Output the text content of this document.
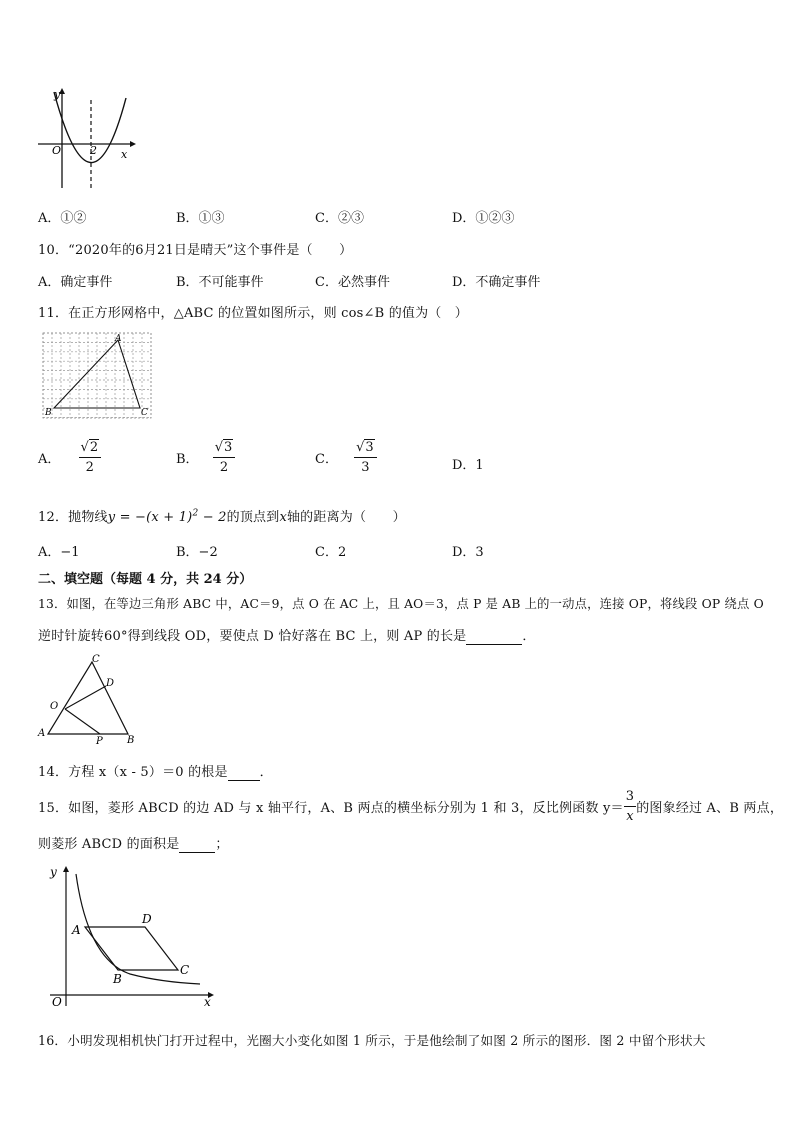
y
O	2 x
A．①②	B．①③	C．②③	D．①②③
10．“2020年的6月21日是晴天”这个事件是（　　）
A．确定事件	B．不可能事件	C．必然事件	D．不确定事件
11．在正方形网格中，△ABC 的位置如图所示，则 cos∠B 的值为（　）
A
B	C
A． $\frac{√2}{2}$	B． $\frac{√3}{2}$	C． $\frac{√3}{3}$	D．1
12．抛物线$y = -(x + 1)^2 - 2$的顶点到x轴的距离为（　　）
A．−1	B．−2	C．2	D．3
二、填空题（每题 4 分，共 24 分）
13．如图，在等边三角形 ABC 中，AC＝9，点 O 在 AC 上，且 AO＝3，点 P 是 AB 上的一动点，连接 OP，将线段 OP 绕点 O
逆时针旋转60°得到线段 OD，要使点 D 恰好落在 BC 上，则 AP 的长是	．
C
D
O
A
P B
14．方程 x（x - 5）＝0 的根是 ．
15．如图，菱形 ABCD 的边 AD 与 x 轴平行，A、B 两点的横坐标分别为 1 和 3，反比例函数 $y= \frac{3}{x}$ 的图象经过 A、B 两点，
则菱形 ABCD 的面积是	；
y
A
D
B
C
O	x
16．小明发现相机快门打开过程中，光圈大小变化如图 1 所示，于是他绘制了如图 2 所示的图形．图 2 中留个形状大
